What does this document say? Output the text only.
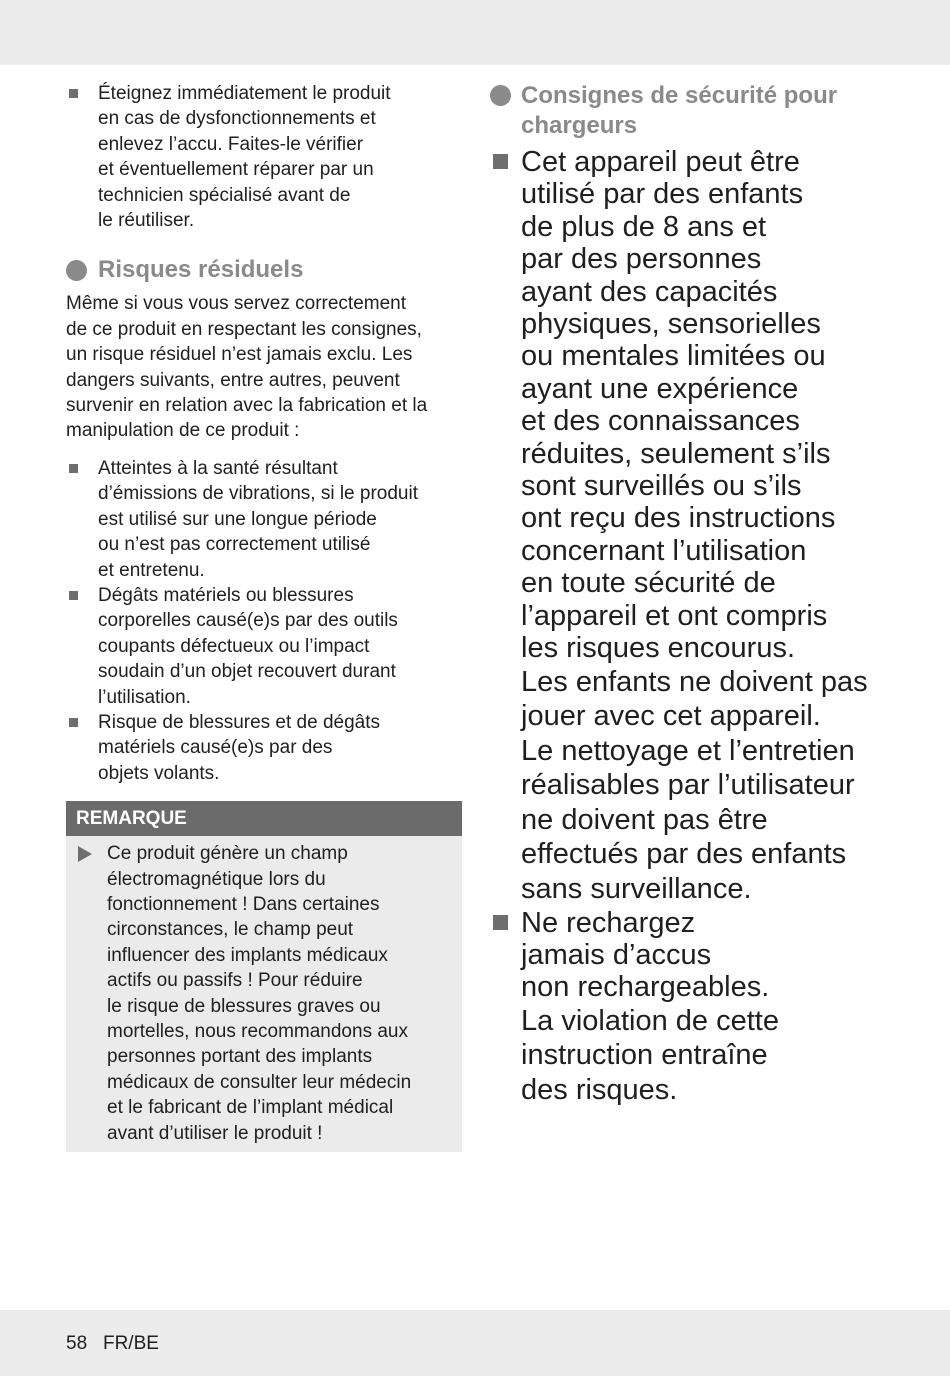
Éteignez immédiatement le produit
en cas de dysfonctionnements et
enlevez l’accu. Faites-le vérifier
et éventuellement réparer par un
technicien spécialisé avant de
le réutiliser.
Risques résiduels
Même si vous vous servez correctement
de ce produit en respectant les consignes,
un risque résiduel n’est jamais exclu. Les
dangers suivants, entre autres, peuvent
survenir en relation avec la fabrication et la
manipulation de ce produit :
Atteintes à la santé résultant
d’émissions de vibrations, si le produit
est utilisé sur une longue période
ou n’est pas correctement utilisé
et entretenu.
Dégâts matériels ou blessures
corporelles causé(e)s par des outils
coupants défectueux ou l’impact
soudain d’un objet recouvert durant
l’utilisation.
Risque de blessures et de dégâts
matériels causé(e)s par des
objets volants.
REMARQUE
Ce produit génère un champ
électromagnétique lors du
fonctionnement ! Dans certaines
circonstances, le champ peut
influencer des implants médicaux
actifs ou passifs ! Pour réduire
le risque de blessures graves ou
mortelles, nous recommandons aux
personnes portant des implants
médicaux de consulter leur médecin
et le fabricant de l’implant médical
avant d’utiliser le produit !
Consignes de sécurité pour
chargeurs
Cet appareil peut être
utilisé par des enfants
de plus de 8 ans et
par des personnes
ayant des capacités
physiques, sensorielles
ou mentales limitées ou
ayant une expérience
et des connaissances
réduites, seulement s’ils
sont surveillés ou s’ils
ont reçu des instructions
concernant l’utilisation
en toute sécurité de
l’appareil et ont compris
les risques encourus.
Les enfants ne doivent pas
jouer avec cet appareil.
Le nettoyage et l’entretien
réalisables par l’utilisateur
ne doivent pas être
effectués par des enfants
sans surveillance.
Ne rechargez
jamais d’accus
non rechargeables.
La violation de cette
instruction entraîne
des risques.
58 FR/BE
